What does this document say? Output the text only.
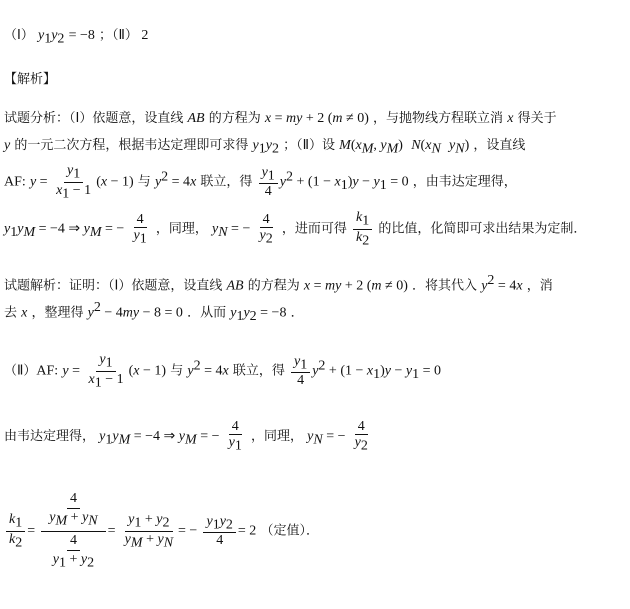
（Ⅰ） $y_1y_2 = -8$ ；（Ⅱ） 2
【解析】
试题分析：（Ⅰ）依题意，设直线 AB 的方程为 x = my + 2 (m ≠ 0) ，与抛物线方程联立消 x 得关于
y 的一元二次方程，根据韦达定理即可求得 $y_1y_2$ ；（Ⅱ）设 $M(x_M$, $y_M$) $N(x_N$ $y_N$) ，设直线
AF: $y = \frac{y_1}{x_1 - 1} (x - 1)$ 与 $y^2 = 4x$ 联立，得 $\frac{y_1}{4} y^2 + (1 - x_1)y - y_1 = 0$ ，由韦达定理得，
$y_1y_M = -4$ ⇒ $y_M$ = − $\frac{4}{y_1}$ ，同理， $y_N$ = − $\frac{4}{y_2}$ ，进而可得 $\frac{k_1}{k_2}$ 的比值，化简即可求出结果为定制．
试题解析：证明：（Ⅰ）依题意，设直线 AB 的方程为 x = my + 2 (m ≠ 0) ．将其代入 $y^2 = 4x$ ，消
去 x ，整理得 $y^2 - 4my - 8 = 0$ ．从而 $y_1y_2 = -8$ ．
（Ⅱ）AF: $y = \frac{y_1}{x_1 - 1} (x - 1)$ 与 $y^2 = 4x$ 联立，得 $\frac{y_1}{4} y^2 + (1 - x_1)y - y_1 = 0$
由韦达定理得， $y_1y_M = -4$ ⇒ $y_M$ = − $\frac{4}{y_1}$ ，同理， $y_N$ = − $\frac{4}{y_2}$
$\frac{k_1}{k_2} = \frac{\frac{4}{y_M + y_N}}{\frac{4}{y_1 + y_2}} = \frac{y_1 + y_2}{y_M + y_N}$ = − $\frac{y_1y_2}{4} = 2$ （定值）．
